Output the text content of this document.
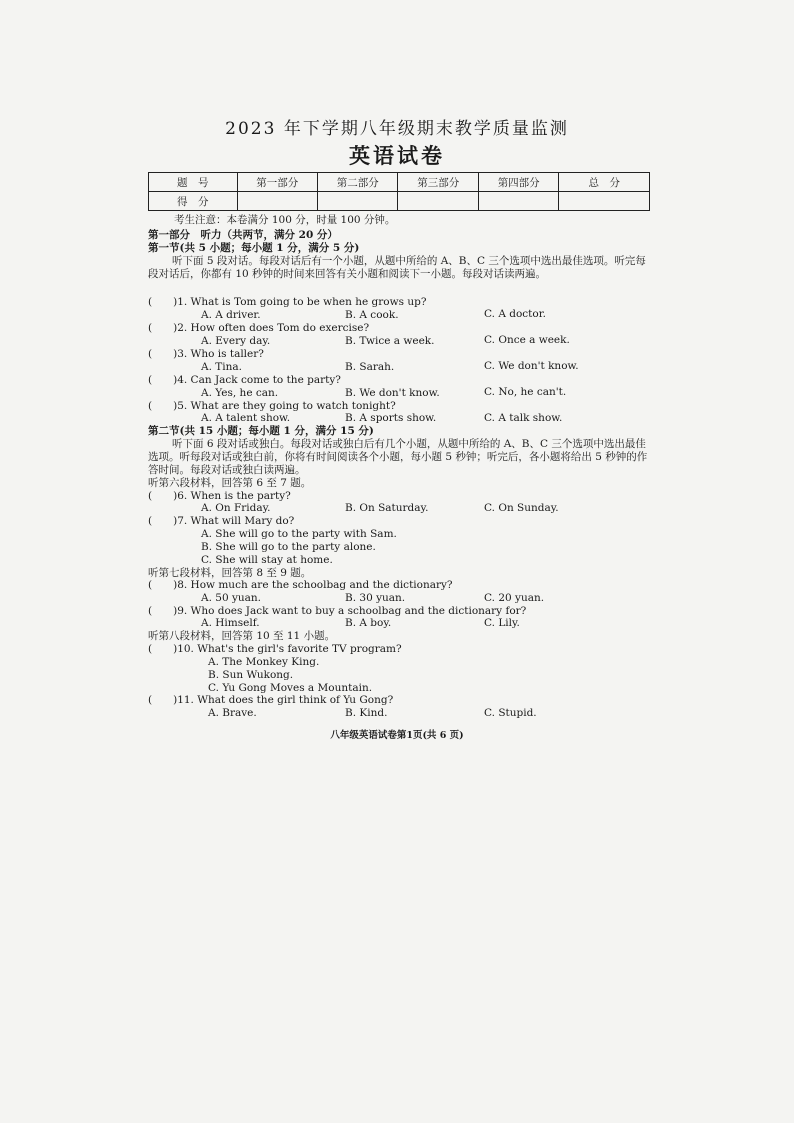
2023 年下学期八年级期末教学质量监测
英语试卷
题　号	第一部分	第二部分	第三部分	第四部分	总　分
得　分					
考生注意：本卷满分 100 分，时量 100 分钟。
第一部分　听力（共两节，满分 20 分）
第一节(共 5 小题；每小题 1 分，满分 5 分)
听下面 5 段对话。每段对话后有一个小题，从题中所给的 A、B、C 三个选项中选出最佳选项。听完每段对话后，你都有 10 秒钟的时间来回答有关小题和阅读下一小题。每段对话读两遍。
(　　)1. What is Tom going to be when he grows up?
A. A driver.	B. A cook.	C. A doctor.
(　　)2. How often does Tom do exercise?
A. Every day.	B. Twice a week.	C. Once a week.
(　　)3. Who is taller?
A. Tina.	B. Sarah.	C. We don't know.
(　　)4. Can Jack come to the party?
A. Yes, he can.	B. We don't know.	C. No, he can't.
(　　)5. What are they going to watch tonight?
A. A talent show.	B. A sports show.	C. A talk show.
第二节(共 15 小题；每小题 1 分，满分 15 分)
听下面 6 段对话或独白。每段对话或独白后有几个小题，从题中所给的 A、B、C 三个选项中选出最佳选项。听每段对话或独白前，你将有时间阅读各个小题，每小题 5 秒钟；听完后，各小题将给出 5 秒钟的作答时间。每段对话或独白读两遍。
听第六段材料，回答第 6 至 7 题。
(　　)6. When is the party?
A. On Friday.	B. On Saturday.	C. On Sunday.
(　　)7. What will Mary do?
A. She will go to the party with Sam.
B. She will go to the party alone.
C. She will stay at home.
听第七段材料，回答第 8 至 9 题。
(　　)8. How much are the schoolbag and the dictionary?
A. 50 yuan.	B. 30 yuan.	C. 20 yuan.
(　　)9. Who does Jack want to buy a schoolbag and the dictionary for?
A. Himself.	B. A boy.	C. Lily.
听第八段材料，回答第 10 至 11 小题。
(　　)10. What's the girl's favorite TV program?
A. The Monkey King.
B. Sun Wukong.
C. Yu Gong Moves a Mountain.
(　　)11. What does the girl think of Yu Gong?
A. Brave.	B. Kind.	C. Stupid.
八年级英语试卷第1页(共 6 页)
